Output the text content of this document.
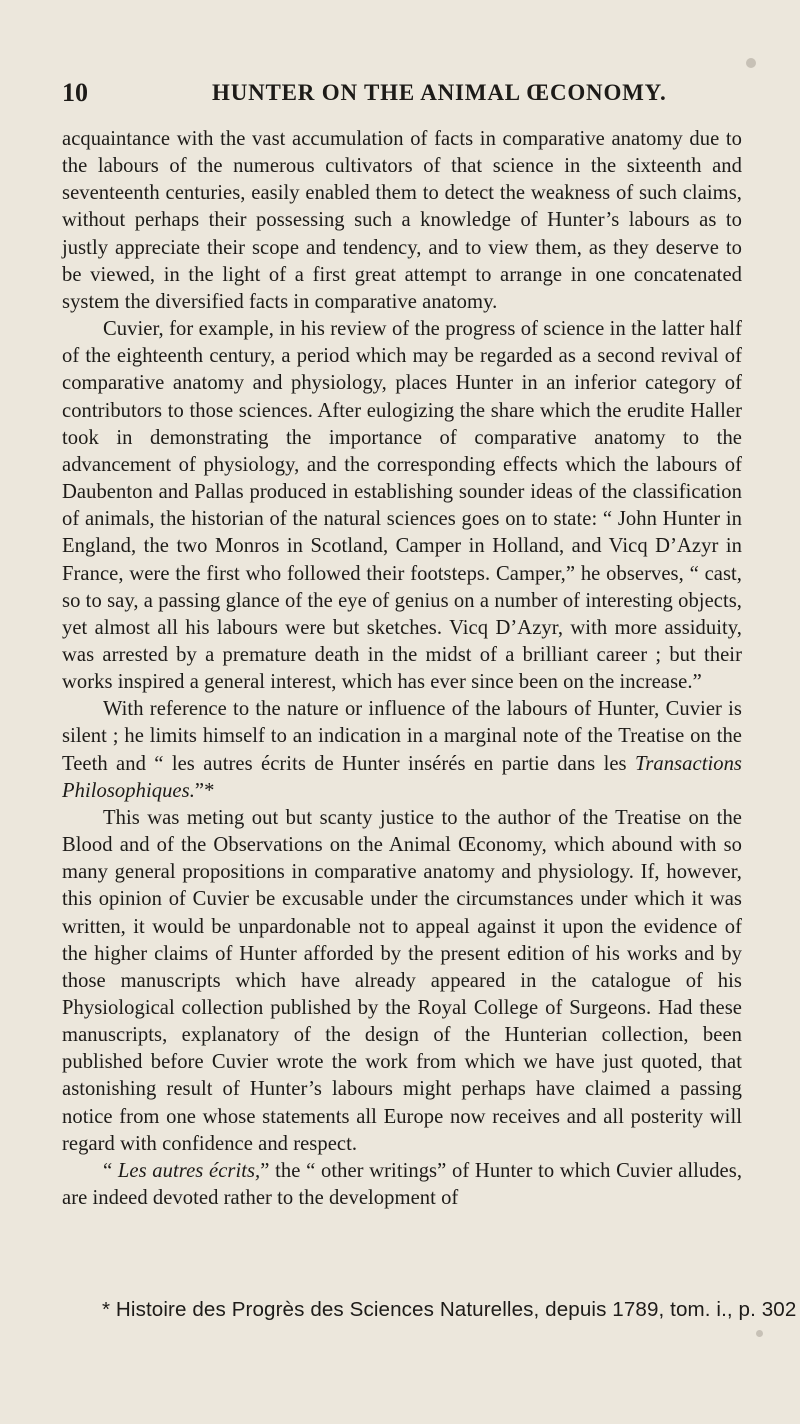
10	HUNTER ON THE ANIMAL ŒCONOMY.

acquaintance with the vast accumulation of facts in comparative anatomy due to the labours of the numerous cultivators of that science in the sixteenth and seventeenth centuries, easily enabled them to detect the weakness of such claims, without perhaps their possessing such a knowledge of Hunter’s labours as to justly appreciate their scope and tendency, and to view them, as they deserve to be viewed, in the light of a first great attempt to arrange in one concatenated system the diversified facts in comparative anatomy.

Cuvier, for example, in his review of the progress of science in the latter half of the eighteenth century, a period which may be regarded as a second revival of comparative anatomy and physiology, places Hunter in an inferior category of contributors to those sciences. After eulogizing the share which the erudite Haller took in demonstrating the importance of comparative anatomy to the advancement of physiology, and the corresponding effects which the labours of Daubenton and Pallas produced in establishing sounder ideas of the classification of animals, the historian of the natural sciences goes on to state: “ John Hunter in England, the two Monros in Scotland, Camper in Holland, and Vicq D’Azyr in France, were the first who followed their footsteps. Camper,” he observes, “ cast, so to say, a passing glance of the eye of genius on a number of interesting objects, yet almost all his labours were but sketches. Vicq D’Azyr, with more assiduity, was arrested by a premature death in the midst of a brilliant career ; but their works inspired a general interest, which has ever since been on the increase.”

With reference to the nature or influence of the labours of Hunter, Cuvier is silent ; he limits himself to an indication in a marginal note of the Treatise on the Teeth and “ les autres écrits de Hunter insérés en partie dans les Transactions Philosophiques.”*

This was meting out but scanty justice to the author of the Treatise on the Blood and of the Observations on the Animal Œconomy, which abound with so many general propositions in comparative anatomy and physiology. If, however, this opinion of Cuvier be excusable under the circumstances under which it was written, it would be unpardonable not to appeal against it upon the evidence of the higher claims of Hunter afforded by the present edition of his works and by those manuscripts which have already appeared in the catalogue of his Physiological collection published by the Royal College of Surgeons. Had these manuscripts, explanatory of the design of the Hunterian collection, been published before Cuvier wrote the work from which we have just quoted, that astonishing result of Hunter’s labours might perhaps have claimed a passing notice from one whose statements all Europe now receives and all posterity will regard with confidence and respect.

“ Les autres écrits,” the “ other writings” of Hunter to which Cuvier alludes, are indeed devoted rather to the development of

* Histoire des Progrès des Sciences Naturelles, depuis 1789, tom. i., p. 302
